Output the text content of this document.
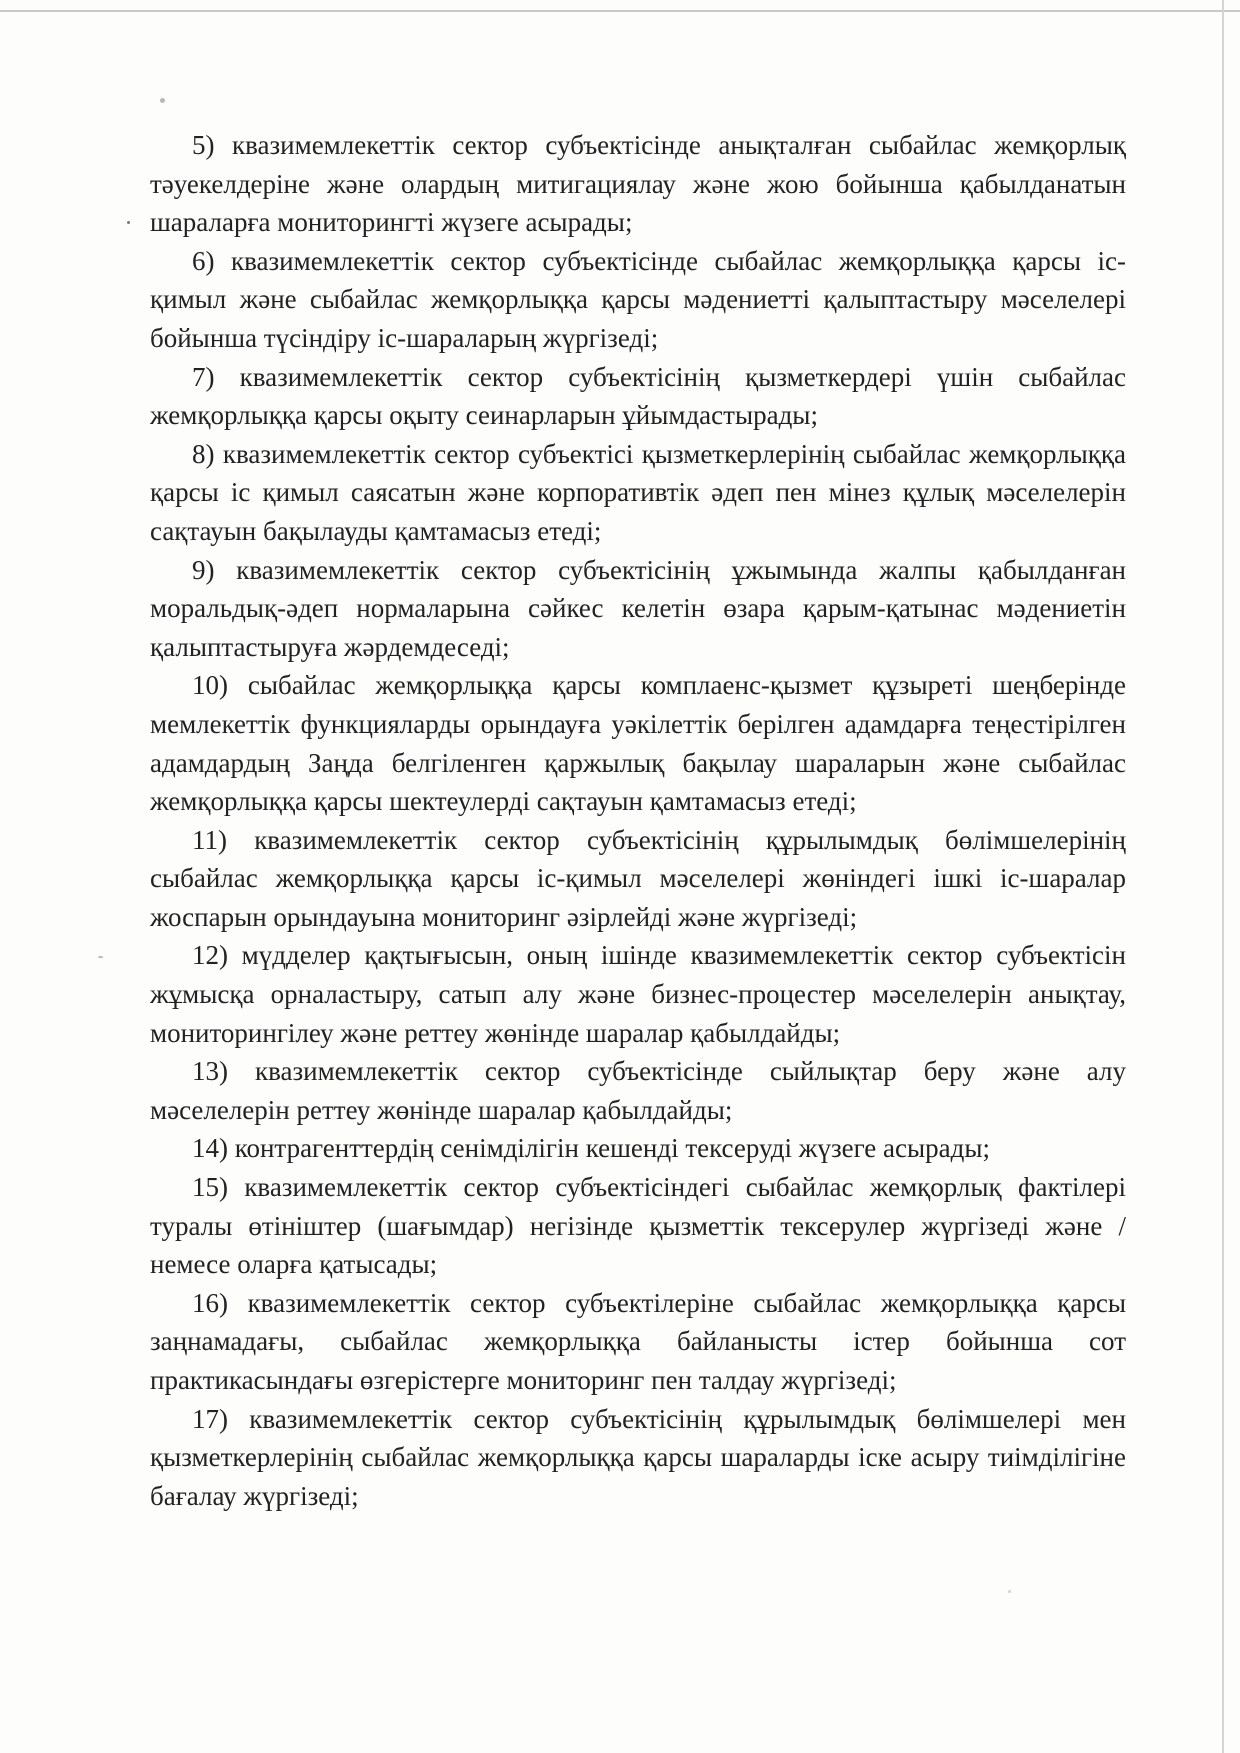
5) квазимемлекеттік сектор субъектісінде анықталған сыбайлас жемқорлық тәуекелдеріне және олардың митигациялау және жою бойынша қабылданатын шараларға мониторингті жүзеге асырады;

6) квазимемлекеттік сектор субъектісінде сыбайлас жемқорлыққа қарсы іс-қимыл және сыбайлас жемқорлыққа қарсы мәдениетті қалыптастыру мәселелері бойынша түсіндіру іс-шараларың жүргізеді;

7) квазимемлекеттік сектор субъектісінің қызметкердері үшін сыбайлас жемқорлыққа қарсы оқыту сеинарларын ұйымдастырады;

8) квазимемлекеттік сектор субъектісі қызметкерлерінің сыбайлас жемқорлыққа қарсы іс қимыл саясатын және корпоративтік әдеп пен мінез құлық мәселелерін сақтауын бақылауды қамтамасыз етеді;

9) квазимемлекеттік сектор субъектісінің ұжымында жалпы қабылданған моральдық-әдеп нормаларына сәйкес келетін өзара қарым-қатынас мәдениетін қалыптастыруға жәрдемдеседі;

10) сыбайлас жемқорлыққа қарсы комплаенс-қызмет құзыреті шеңберінде мемлекеттік функцияларды орындауға уәкілеттік берілген адамдарға теңестірілген адамдардың Заңда белгіленген қаржылық бақылау шараларын және сыбайлас жемқорлыққа қарсы шектеулерді сақтауын қамтамасыз етеді;

11) квазимемлекеттік сектор субъектісінің құрылымдық бөлімшелерінің сыбайлас жемқорлыққа қарсы іс-қимыл мәселелері жөніндегі ішкі іс-шаралар жоспарын орындауына мониторинг әзірлейді және жүргізеді;

12) мүдделер қақтығысын, оның ішінде квазимемлекеттік сектор субъектісін жұмысқа орналастыру, сатып алу және бизнес-процестер мәселелерін анықтау, мониторингілеу және реттеу жөнінде шаралар қабылдайды;

13) квазимемлекеттік сектор субъектісінде сыйлықтар беру және алу мәселелерін реттеу жөнінде шаралар қабылдайды;

14) контрагенттердің сенімділігін кешенді тексеруді жүзеге асырады;

15) квазимемлекеттік сектор субъектісіндегі сыбайлас жемқорлық фактілері туралы өтініштер (шағымдар) негізінде қызметтік тексерулер жүргізеді және / немесе оларға қатысады;

16) квазимемлекеттік сектор субъектілеріне сыбайлас жемқорлыққа қарсы заңнамадағы, сыбайлас жемқорлыққа байланысты істер бойынша сот практикасындағы өзгерістерге мониторинг пен талдау жүргізеді;

17) квазимемлекеттік сектор субъектісінің құрылымдық бөлімшелері мен қызметкерлерінің сыбайлас жемқорлыққа қарсы шараларды іске асыру тиімділігіне бағалау жүргізеді;
